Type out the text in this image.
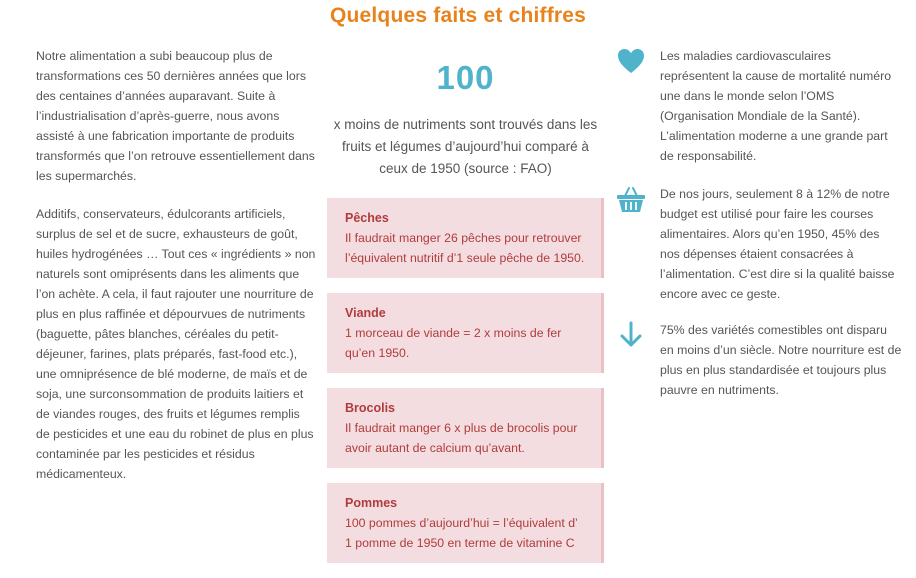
Quelques faits et chiffres

Notre alimentation a subi beaucoup plus de transformations ces 50 dernières années que lors des centaines d’années auparavant. Suite à l’industrialisation d’après-guerre, nous avons assisté à une fabrication importante de produits transformés que l’on retrouve essentiellement dans les supermarchés.

Additifs, conservateurs, édulcorants artificiels, surplus de sel et de sucre, exhausteurs de goût, huiles hydrogénées … Tout ces « ingrédients » non naturels sont omiprésents dans les aliments que l’on achète. A cela, il faut rajouter une nourriture de plus en plus raffinée et dépourvues de nutriments (baguette, pâtes blanches, céréales du petit-déjeuner, farines, plats préparés, fast-food etc.), une omniprésence de blé moderne, de maïs et de soja, une surconsommation de produits laitiers et de viandes rouges, des fruits et légumes remplis de pesticides et une eau du robinet de plus en plus contaminée par les pesticides et résidus médicamenteux.

100
x moins de nutriments sont trouvés dans les fruits et légumes d’aujourd’hui comparé à ceux de 1950 (source : FAO)
Pêches
Il faudrait manger 26 pêches pour retrouver l’équivalent nutritif d’1 seule pêche de 1950.
Viande
1 morceau de viande = 2 x moins de fer qu’en 1950.
Brocolis
Il faudrait manger 6 x plus de brocolis pour avoir autant de calcium qu’avant.
Pommes
100 pommes d’aujourd’hui = l’équivalent d’ 1 pomme de 1950 en terme de vitamine C

Les maladies cardiovasculaires représentent la cause de mortalité numéro une dans le monde selon l’OMS (Organisation Mondiale de la Santé). L’alimentation moderne a une grande part de responsabilité.

De nos jours, seulement 8 à 12% de notre budget est utilisé pour faire les courses alimentaires. Alors qu’en 1950, 45% des nos dépenses étaient consacrées à l’alimentation. C’est dire si la qualité baisse encore avec ce geste.

75% des variétés comestibles ont disparu en moins d’un siècle. Notre nourriture est de plus en plus standardisée et toujours plus pauvre en nutriments.
